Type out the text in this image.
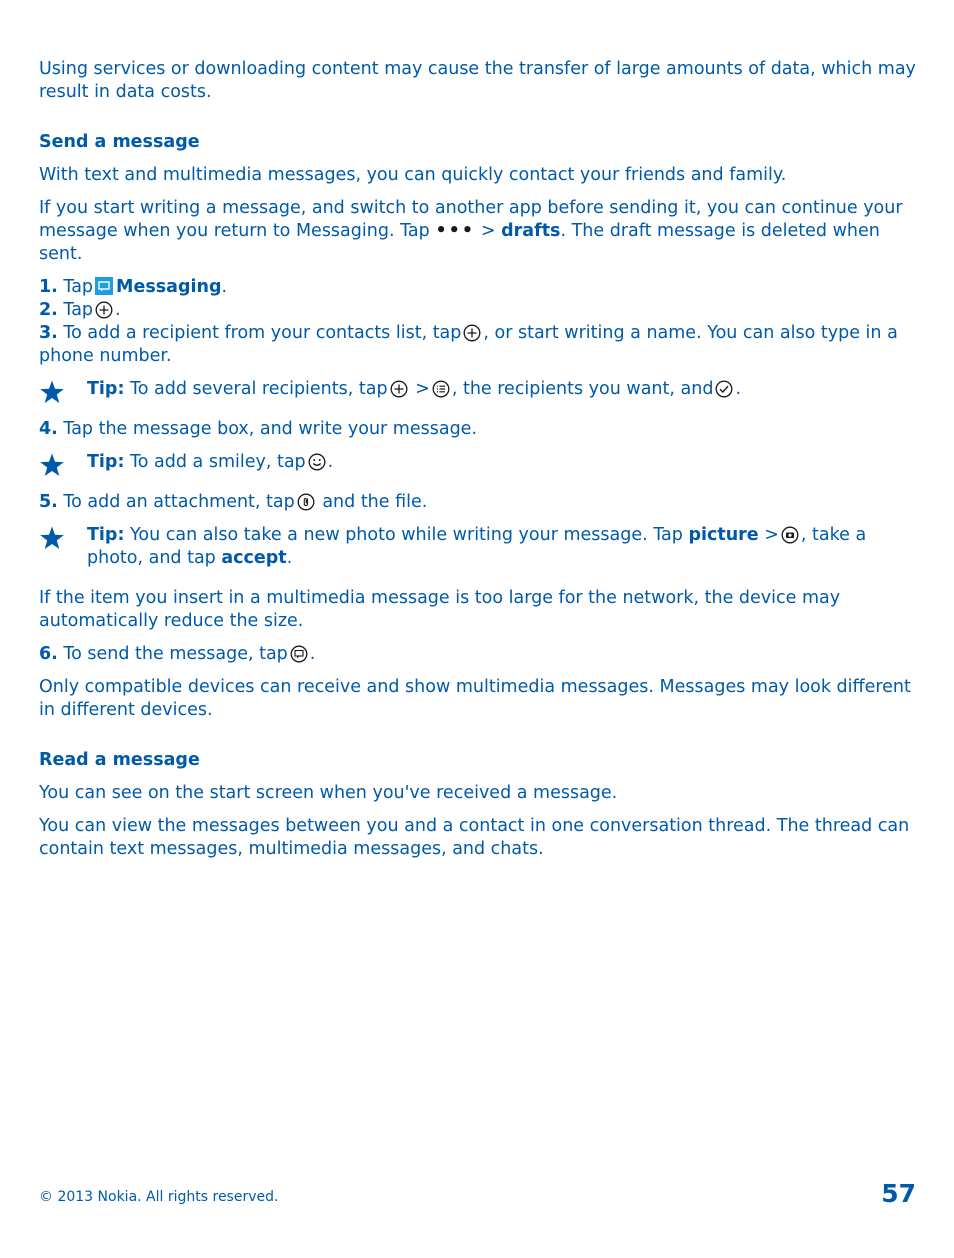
Using services or downloading content may cause the transfer of large amounts of data, which may result in data costs.

Send a message

With text and multimedia messages, you can quickly contact your friends and family.

If you start writing a message, and switch to another app before sending it, you can continue your message when you return to Messaging. Tap ••• > drafts. The draft message is deleted when sent.

1. Tap Messaging.

2. Tap .

3. To add a recipient from your contacts list, tap , or start writing a name. You can also type in a phone number.

Tip: To add several recipients, tap > , the recipients you want, and .

4. Tap the message box, and write your message.

Tip: To add a smiley, tap .

5. To add an attachment, tap and the file.

Tip: You can also take a new photo while writing your message. Tap picture > , take a photo, and tap accept.

If the item you insert in a multimedia message is too large for the network, the device may automatically reduce the size.

6. To send the message, tap .

Only compatible devices can receive and show multimedia messages. Messages may look different in different devices.

Read a message

You can see on the start screen when you've received a message.

You can view the messages between you and a contact in one conversation thread. The thread can contain text messages, multimedia messages, and chats.

© 2013 Nokia. All rights reserved.	57
